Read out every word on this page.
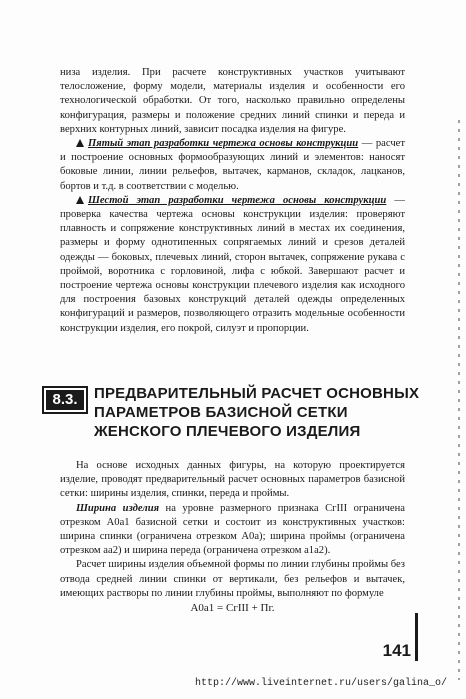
низа изделия. При расчете конструктивных участков учитывают телосложение, форму модели, материалы изделия и особенности его технологической обработки. От того, насколько правильно определены конфигурация, размеры и положение средних линий спинки и переда и верхних контурных линий, зависит посадка изделия на фигуре.

Пятый этап разработки чертежа основы конструкции — расчет и построение основных формообразующих линий и элементов: наносят боковые линии, линии рельефов, вытачек, карманов, складок, лацканов, бортов и т.д. в соответствии с моделью.

Шестой этап разработки чертежа основы конструкции — проверка качества чертежа основы конструкции изделия: проверяют плавность и сопряжение конструктивных линий в местах их соединения, размеры и форму однотипенных сопрягаемых линий и срезов деталей одежды — боковых, плечевых линий, сторон вытачек, сопряжение рукава с проймой, воротника с горловиной, лифа с юбкой. Завершают расчет и построение чертежа основы конструкции плечевого изделия как исходного для построения базовых конструкций деталей одежды определенных конфигураций и размеров, позволяющего отразить модельные особенности конструкции изделия, его покрой, силуэт и пропорции.

8.3.	ПРЕДВАРИТЕЛЬНЫЙ РАСЧЕТ ОСНОВНЫХ ПАРАМЕТРОВ БАЗИСНОЙ СЕТКИ ЖЕНСКОГО ПЛЕЧЕВОГО ИЗДЕЛИЯ

На основе исходных данных фигуры, на которую проектируется изделие, проводят предварительный расчет основных параметров базисной сетки: ширины изделия, спинки, переда и проймы.

Ширина изделия на уровне размерного признака СгIII ограничена отрезком А0а1 базисной сетки и состоит из конструктивных участков: ширина спинки (ограничена отрезком А0а); ширина проймы (ограничена отрезком аа2) и ширина переда (ограничена отрезком а1а2).

Расчет ширины изделия объемной формы по линии глубины проймы без отвода средней линии спинки от вертикали, без рельефов и вытачек, имеющих растворы по линии глубины проймы, выполняют по формуле

А0а1 = СгIII + Пг.

141
http://www.liveinternet.ru/users/galina_o/
